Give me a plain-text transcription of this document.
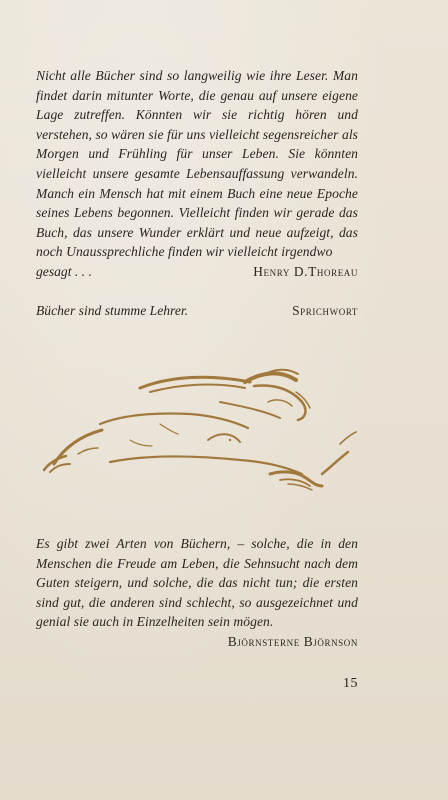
Nicht alle Bücher sind so langweilig wie ihre Leser. Man findet darin mitunter Worte, die genau auf unsere eigene Lage zutreffen. Könnten wir sie richtig hören und verstehen, so wären sie für uns vielleicht segensreicher als Morgen und Frühling für unser Leben. Sie könnten vielleicht unsere gesamte Lebensauffassung verwandeln. Manch ein Mensch hat mit einem Buch eine neue Epoche seines Lebens begonnen. Vielleicht finden wir gerade das Buch, das unsere Wunder erklärt und neue aufzeigt, das noch Unaussprechliche finden wir vielleicht irgendwo

gesagt . . .	Henry D.Thoreau
Bücher sind stumme Lehrer.	Sprichwort

Es gibt zwei Arten von Büchern, – solche, die in den Menschen die Freude am Leben, die Sehnsucht nach dem Guten steigern, und solche, die das nicht tun; die ersten sind gut, die anderen sind schlecht, so ausgezeichnet und genial sie auch in Einzelheiten sein mögen.

Björnsterne Björnson
15
